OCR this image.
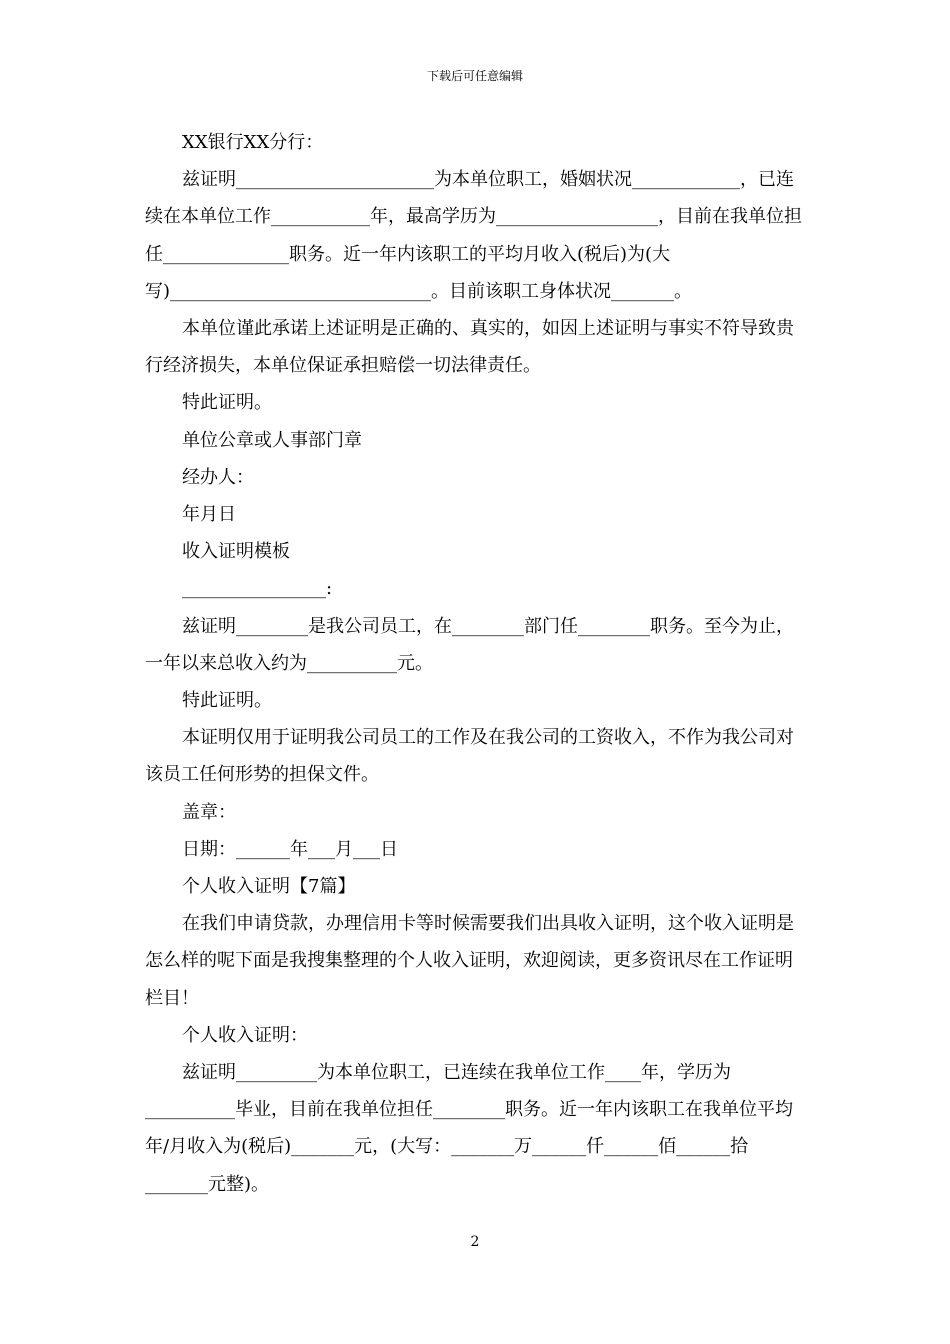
下载后可任意编辑

XX银行XX分行：

兹证明______________________为本单位职工，婚姻状况____________，已连续在本单位工作___________年，最高学历为__________________，目前在我单位担任______________职务。近一年内该职工的平均月收入(税后)为(大写)_____________________________。目前该职工身体状况_______。

本单位谨此承诺上述证明是正确的、真实的，如因上述证明与事实不符导致贵行经济损失，本单位保证承担赔偿一切法律责任。

特此证明。

单位公章或人事部门章

经办人：

年月日

收入证明模板

________________:

兹证明________是我公司员工，在________部门任________职务。至今为止，一年以来总收入约为__________元。

特此证明。

本证明仅用于证明我公司员工的工作及在我公司的工资收入，不作为我公司对该员工任何形势的担保文件。

盖章：

日期：______年___月___日

个人收入证明【7篇】

在我们申请贷款，办理信用卡等时候需要我们出具收入证明，这个收入证明是怎么样的呢下面是我搜集整理的个人收入证明，欢迎阅读，更多资讯尽在工作证明栏目！

个人收入证明：

兹证明_________为本单位职工，已连续在我单位工作____年，学历为__________毕业，目前在我单位担任________职务。近一年内该职工在我单位平均年/月收入为(税后)_______元，(大写：_______万______仟______佰______拾_______元整)。

2
